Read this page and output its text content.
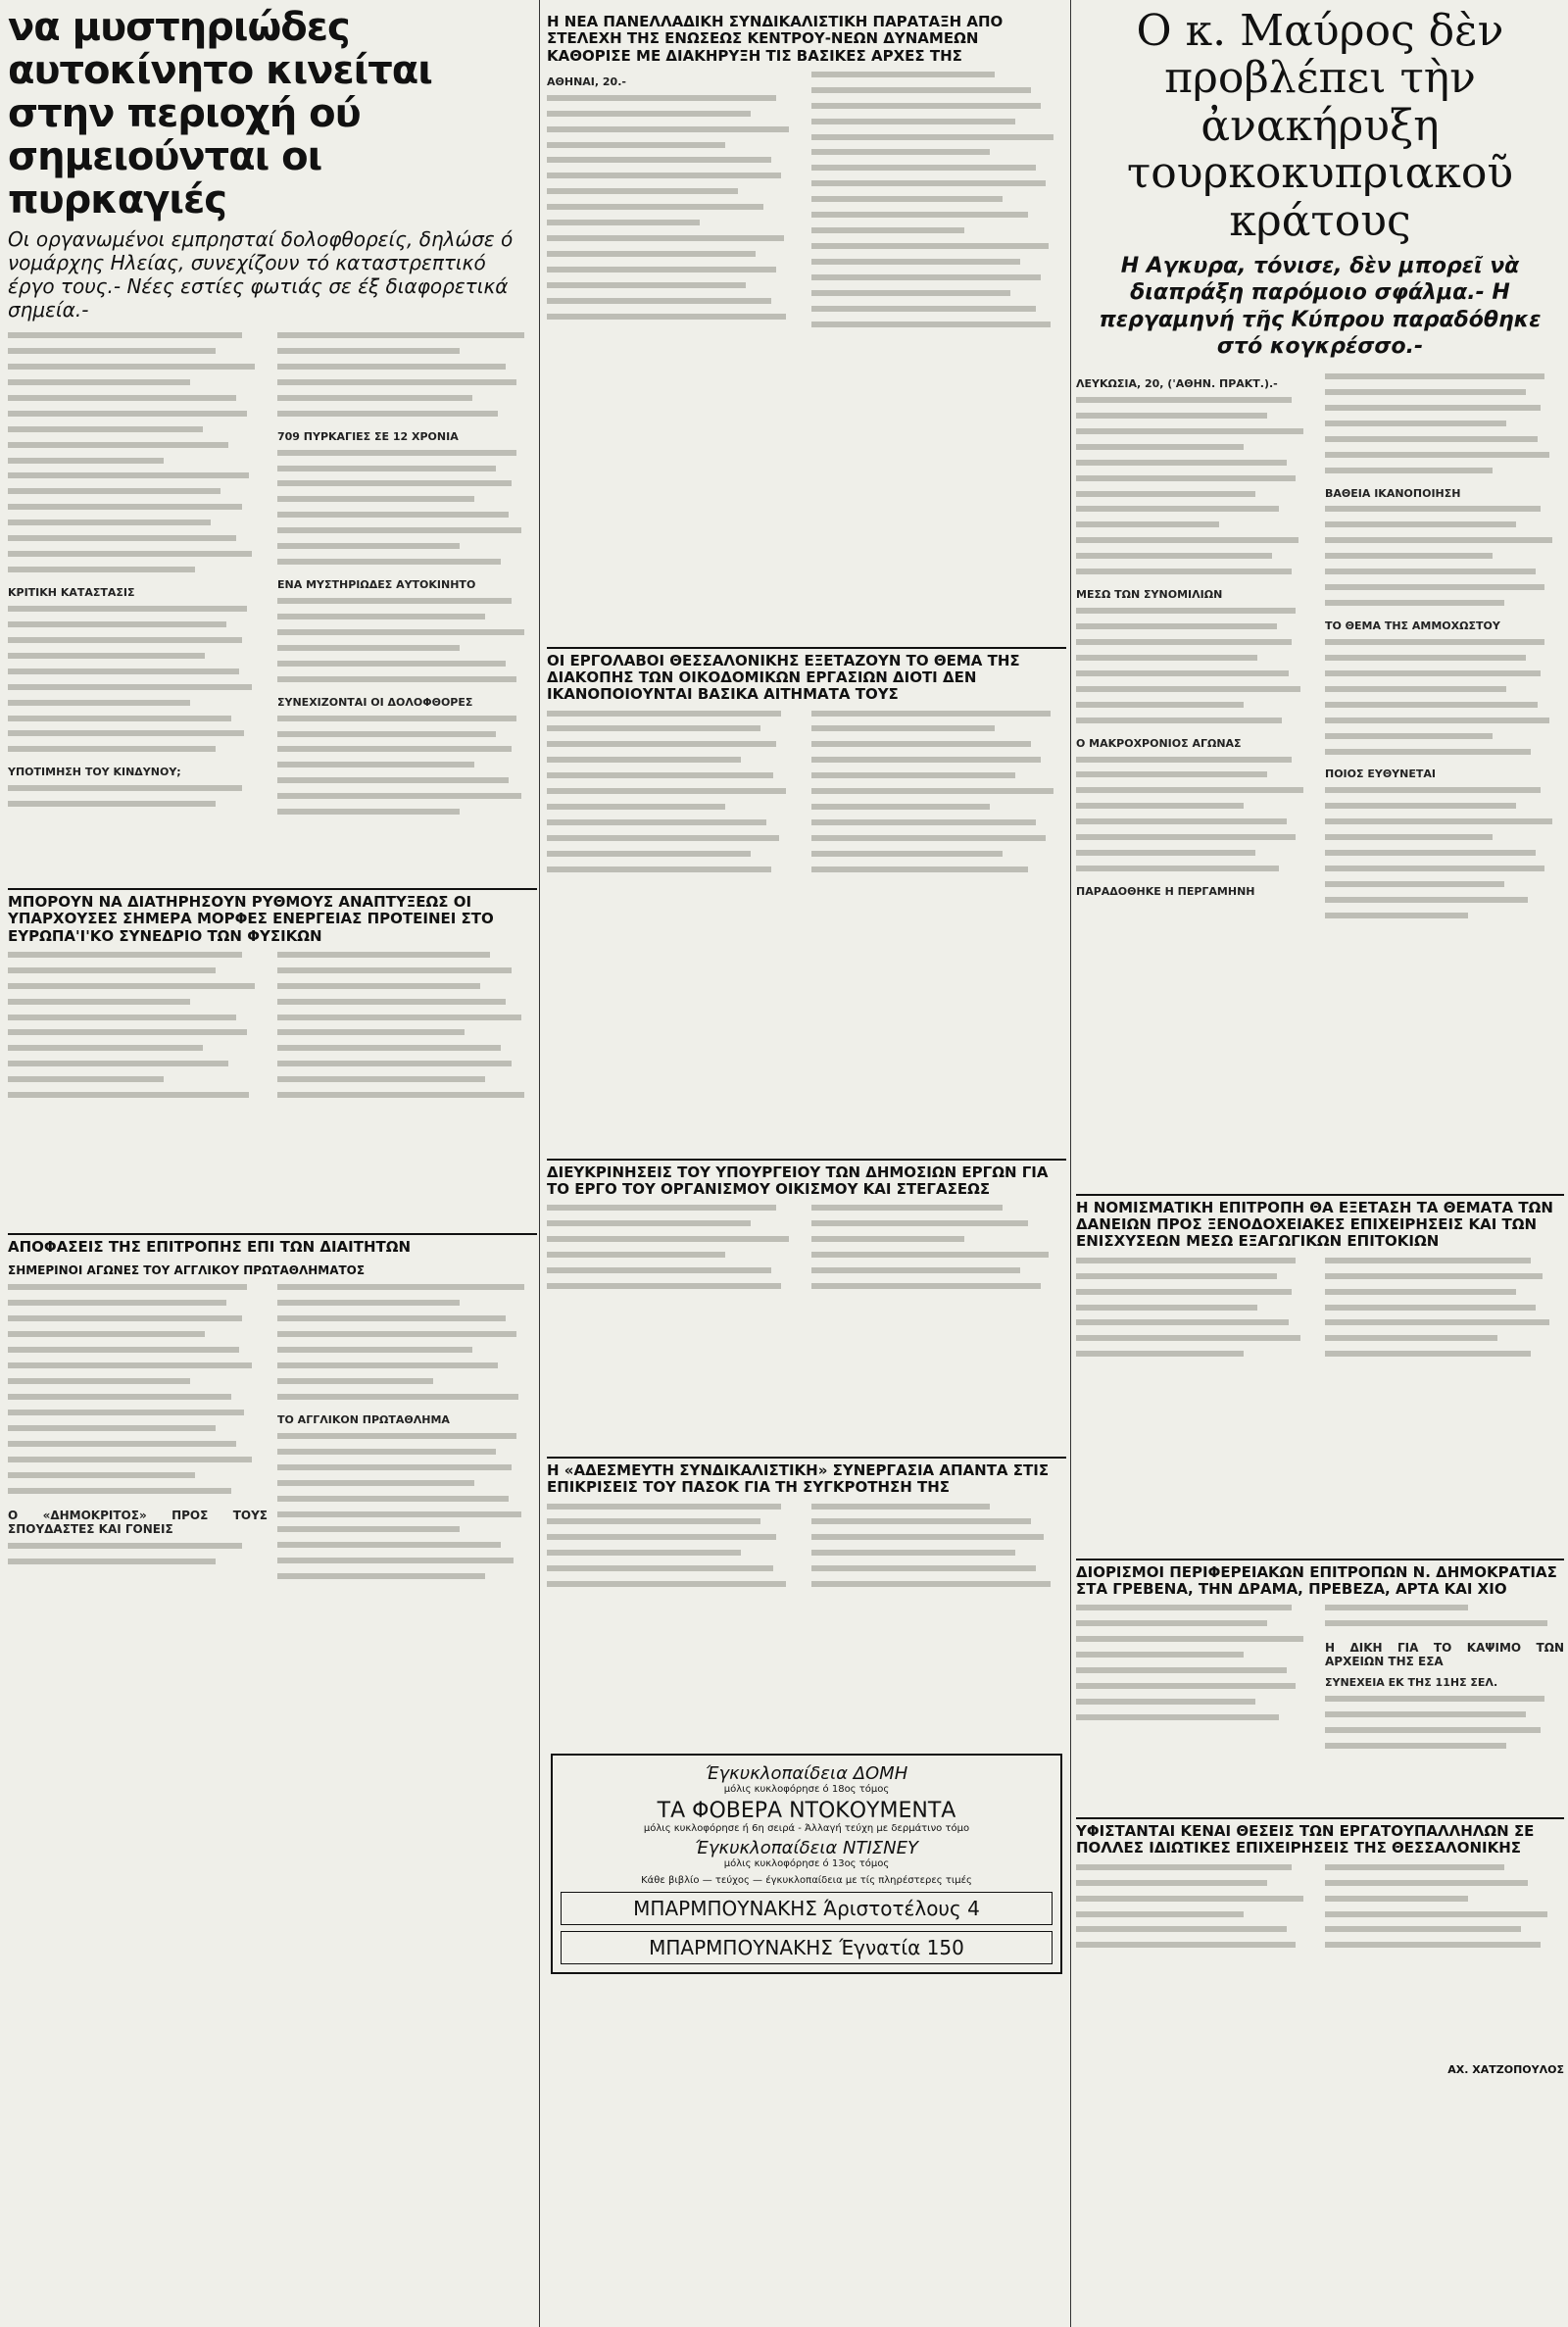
να μυστηριώδες αυτοκίνητο κινείται στην περιοχή ού σημειούνται οι πυρκαγιές
Οι οργανωμένοι εμπρησταί δολοφθορείς, δηλώσε ό νομάρχης Ηλείας, συνεχίζουν τό καταστρεπτικό έργο τους.- Νέες εστίες φωτιάς σε έξ διαφορετικά σημεία.-
ΚΡΙΤΙΚΗ ΚΑΤΑΣΤΑΣΙΣ
ΥΠΟΤΙΜΗΣΗ ΤΟΥ ΚΙΝΔΥΝΟΥ;
709 ΠΥΡΚΑΓΙΕΣ ΣΕ 12 ΧΡΟΝΙΑ
ΕΝΑ ΜΥΣΤΗΡΙΩΔΕΣ ΑΥΤΟΚΙΝΗΤΟ
ΣΥΝΕΧΙΖΟΝΤΑΙ ΟΙ ΔΟΛΟΦΘΟΡΕΣ
ΜΠΟΡΟΥΝ ΝΑ ΔΙΑΤΗΡΗΣΟΥΝ ΡΥΘΜΟΥΣ ΑΝΑΠΤΥΞΕΩΣ ΟΙ ΥΠΑΡΧΟΥΣΕΣ ΣΗΜΕΡΑ ΜΟΡΦΕΣ ΕΝΕΡΓΕΙΑΣ ΠΡΟΤΕΙΝΕΙ ΣΤΟ ΕΥΡΩΠΑ'Ι'ΚΟ ΣΥΝΕΔΡΙΟ ΤΩΝ ΦΥΣΙΚΩΝ
ΑΠΟΦΑΣΕΙΣ ΤΗΣ ΕΠΙΤΡΟΠΗΣ ΕΠΙ ΤΩΝ ΔΙΑΙΤΗΤΩΝ
ΣΗΜΕΡΙΝΟΙ ΑΓΩΝΕΣ ΤΟΥ ΑΓΓΛΙΚΟΥ ΠΡΩΤΑΘΛΗΜΑΤΟΣ
Ο «ΔΗΜΟΚΡΙΤΟΣ» ΠΡΟΣ ΤΟΥΣ ΣΠΟΥΔΑΣΤΕΣ ΚΑΙ ΓΟΝΕΙΣ
ΤΟ ΑΓΓΛΙΚΟΝ ΠΡΩΤΑΘΛΗΜΑ
Η ΝΕΑ ΠΑΝΕΛΛΑΔΙΚΗ ΣΥΝΔΙΚΑΛΙΣΤΙΚΗ ΠΑΡΑΤΑΞΗ ΑΠΟ ΣΤΕΛΕΧΗ ΤΗΣ ΕΝΩΣΕΩΣ ΚΕΝΤΡΟΥ-ΝΕΩΝ ΔΥΝΑΜΕΩΝ ΚΑΘΟΡΙΣΕ ΜΕ ΔΙΑΚΗΡΥΞΗ ΤΙΣ ΒΑΣΙΚΕΣ ΑΡΧΕΣ ΤΗΣ
ΑΘΗΝΑΙ, 20.-
ΟΙ ΕΡΓΟΛΑΒΟΙ ΘΕΣΣΑΛΟΝΙΚΗΣ ΕΞΕΤΑΖΟΥΝ ΤΟ ΘΕΜΑ ΤΗΣ ΔΙΑΚΟΠΗΣ ΤΩΝ ΟΙΚΟΔΟΜΙΚΩΝ ΕΡΓΑΣΙΩΝ ΔΙΟΤΙ ΔΕΝ ΙΚΑΝΟΠΟΙΟΥΝΤΑΙ ΒΑΣΙΚΑ ΑΙΤΗΜΑΤΑ ΤΟΥΣ
ΔΙΕΥΚΡΙΝΗΣΕΙΣ ΤΟΥ ΥΠΟΥΡΓΕΙΟΥ ΤΩΝ ΔΗΜΟΣΙΩΝ ΕΡΓΩΝ ΓΙΑ ΤΟ ΕΡΓΟ ΤΟΥ ΟΡΓΑΝΙΣΜΟΥ ΟΙΚΙΣΜΟΥ ΚΑΙ ΣΤΕΓΑΣΕΩΣ
Η «ΑΔΕΣΜΕΥΤΗ ΣΥΝΔΙΚΑΛΙΣΤΙΚΗ» ΣΥΝΕΡΓΑΣΙΑ ΑΠΑΝΤΑ ΣΤΙΣ ΕΠΙΚΡΙΣΕΙΣ ΤΟΥ ΠΑΣΟΚ ΓΙΑ ΤΗ ΣΥΓΚΡΟΤΗΣΗ ΤΗΣ
Έγκυκλοπαίδεια ΔΟΜΗ
μόλις κυκλοφόρησε ό 18ος τόμος
ΤΑ ΦΟΒΕΡΑ ΝΤΟΚΟΥΜΕΝΤΑ
μόλις κυκλοφόρησε ή 6η σειρά - Άλλαγή τεύχη με δερμάτινο τόμο
Έγκυκλοπαίδεια ΝΤΙΣΝΕΥ
μόλις κυκλοφόρησε ό 13ος τόμος
Κάθε βιβλίο — τεύχος — έγκυκλοπαίδεια με τίς πληρέστερες τιμές
ΜΠΑΡΜΠΟΥΝΑΚΗΣ Άριστοτέλους 4
ΜΠΑΡΜΠΟΥΝΑΚΗΣ Έγνατία 150
Ο κ. Μαύρος δὲν προβλέπει τὴν ἀνακήρυξη τουρκοκυπριακοῦ κράτους
Η Αγκυρα, τόνισε, δὲν μπορεῖ νὰ διαπράξη παρόμοιο σφάλμα.- Η περγαμηνή τῆς Κύπρου παραδόθηκε στό κογκρέσσο.-
ΛΕΥΚΩΣΙΑ, 20, ('ΑΘΗΝ. ΠΡΑΚΤ.).-
ΜΕΣΩ ΤΩΝ ΣΥΝΟΜΙΛΙΩΝ
Ο ΜΑΚΡΟΧΡΟΝΙΟΣ ΑΓΩΝΑΣ
ΠΑΡΑΔΟΘΗΚΕ Η ΠΕΡΓΑΜΗΝΗ
ΒΑΘΕΙΑ ΙΚΑΝΟΠΟΙΗΣΗ
ΤΟ ΘΕΜΑ ΤΗΣ ΑΜΜΟΧΩΣΤΟΥ
ΠΟΙΟΣ ΕΥΘΥΝΕΤΑΙ
Η ΝΟΜΙΣΜΑΤΙΚΗ ΕΠΙΤΡΟΠΗ ΘΑ ΕΞΕΤΑΣΗ ΤΑ ΘΕΜΑΤΑ ΤΩΝ ΔΑΝΕΙΩΝ ΠΡΟΣ ΞΕΝΟΔΟΧΕΙΑΚΕΣ ΕΠΙΧΕΙΡΗΣΕΙΣ ΚΑΙ ΤΩΝ ΕΝΙΣΧΥΣΕΩΝ ΜΕΣΩ ΕΞΑΓΩΓΙΚΩΝ ΕΠΙΤΟΚΙΩΝ
ΔΙΟΡΙΣΜΟΙ ΠΕΡΙΦΕΡΕΙΑΚΩΝ ΕΠΙΤΡΟΠΩΝ Ν. ΔΗΜΟΚΡΑΤΙΑΣ ΣΤΑ ΓΡΕΒΕΝΑ, ΤΗΝ ΔΡΑΜΑ, ΠΡΕΒΕΖΑ, ΑΡΤΑ ΚΑΙ ΧΙΟ
Η ΔΙΚΗ ΓΙΑ ΤΟ ΚΑΨΙΜΟ ΤΩΝ ΑΡΧΕΙΩΝ ΤΗΣ ΕΣΑ
ΣΥΝΕΧΕΙΑ ΕΚ ΤΗΣ 11ΗΣ ΣΕΛ.
ΥΦΙΣΤΑΝΤΑΙ ΚΕΝΑΙ ΘΕΣΕΙΣ ΤΩΝ ΕΡΓΑΤΟΥΠΑΛΛΗΛΩΝ ΣΕ ΠΟΛΛΕΣ ΙΔΙΩΤΙΚΕΣ ΕΠΙΧΕΙΡΗΣΕΙΣ ΤΗΣ ΘΕΣΣΑΛΟΝΙΚΗΣ
ΑΧ. ΧΑΤΖΟΠΟΥΛΟΣ
